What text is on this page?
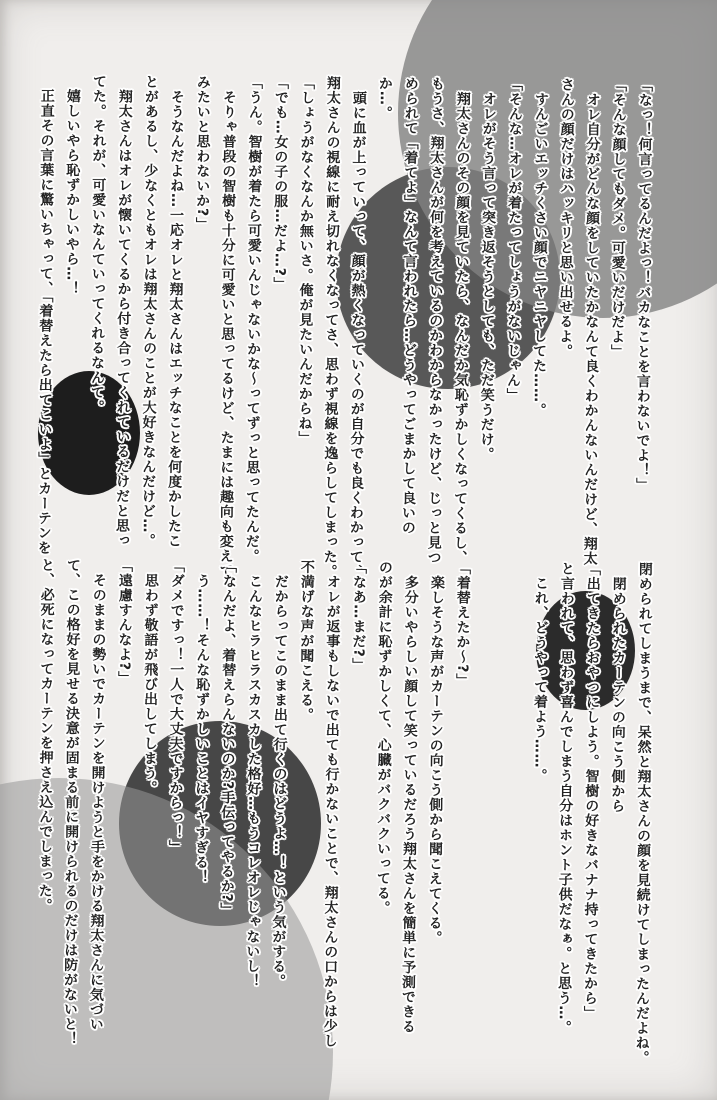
「なっ！何言ってるんだよっ！バカなことを言わないでよ！」
「そんな顔してもダメ。可愛いだけだよ」
　オレ自分がどんな顔をしていたかなんて良くわかんないんだけど、翔太
さんの顔だけはハッキリと思い出せるよ。
　すんごいエッチくさい顔でニヤニヤしてた……。
「そんな…オレが着たってしょうがないじゃん」
　オレがそう言って突き返そうとしても、ただ笑うだけ。
　翔太さんのその顔を見ていたら、なんだか気恥ずかしくなってくるし、
もうさ、翔太さんが何を考えているのかわからなかったけど、じっと見つ
められて「着てよ」なんて言われたら…どうやってごまかして良いの
か…。
　頭に血が上っていって、顔が熱くなっていくのが自分でも良くわかって、
翔太さんの視線に耐え切れなくなってさ、思わず視線を逸らしてしまった。
「しょうがなくなんか無いさ。俺が見たいんだからね」
「でも…女の子の服…だよ…?」
「うん。智樹が着たら可愛いんじゃないかな～ってずっと思ってたんだ。
　そりゃ普段の智樹も十分に可愛いと思ってるけど、たまには趣向も変えて
みたいと思わないか?」
　そうなんだよね…一応オレと翔太さんはエッチなことを何度かしたこ
とがあるし、少なくともオレは翔太さんのことが大好きなんだけど…。
　翔太さんはオレが懐いてくるから付き合ってくれているだけだと思っ
てた。それが、可愛いなんていってくれるなんて。
　嬉しいやら恥ずかしいやら…！
　正直その言葉に驚いちゃって、「着替えたら出てこいよ」とカーテンを
閉められてしまうまで、呆然と翔太さんの顔を見続けてしまったんだよね。
　閉められたカーテンの向こう側から
「出てきたらおやつにしよう。智樹の好きなバナナ持ってきたから」
と言われて、思わず喜んでしまう自分はホント子供だなぁ。と思う…。
　これ、どうやって着よう……。

「着替えたか～?」
　楽しそうな声がカーテンの向こう側から聞こえてくる。
　多分いやらしい顔して笑っているだろう翔太さんを簡単に予測できる
のが余計に恥ずかしくて、心臓がバクバクいってる。
「なあ…まだ?」
　オレが返事もしないで出ても行かないことで、翔太さんの口からは少し
不満げな声が聞こえる。
　だからってこのまま出て行くのはどうよ…！という気がする。
　こんなヒラヒラスカスカした格好…もうコレオレじゃないし！
「なんだよ、着替えらんないのか?手伝ってやるか?」
　う……！そんな恥ずかしいことはイヤすぎる！
「ダメですっ！一人で大丈夫ですからっ！」
　思わず敬語が飛び出してしまう。
「遠慮すんなよ?」
　そのままの勢いでカーテンを開けようと手をかける翔太さんに気づい
て、この格好を見せる決意が固まる前に開けられるのだけは防がないと！
と、必死になってカーテンを押さえ込んでしまった。
